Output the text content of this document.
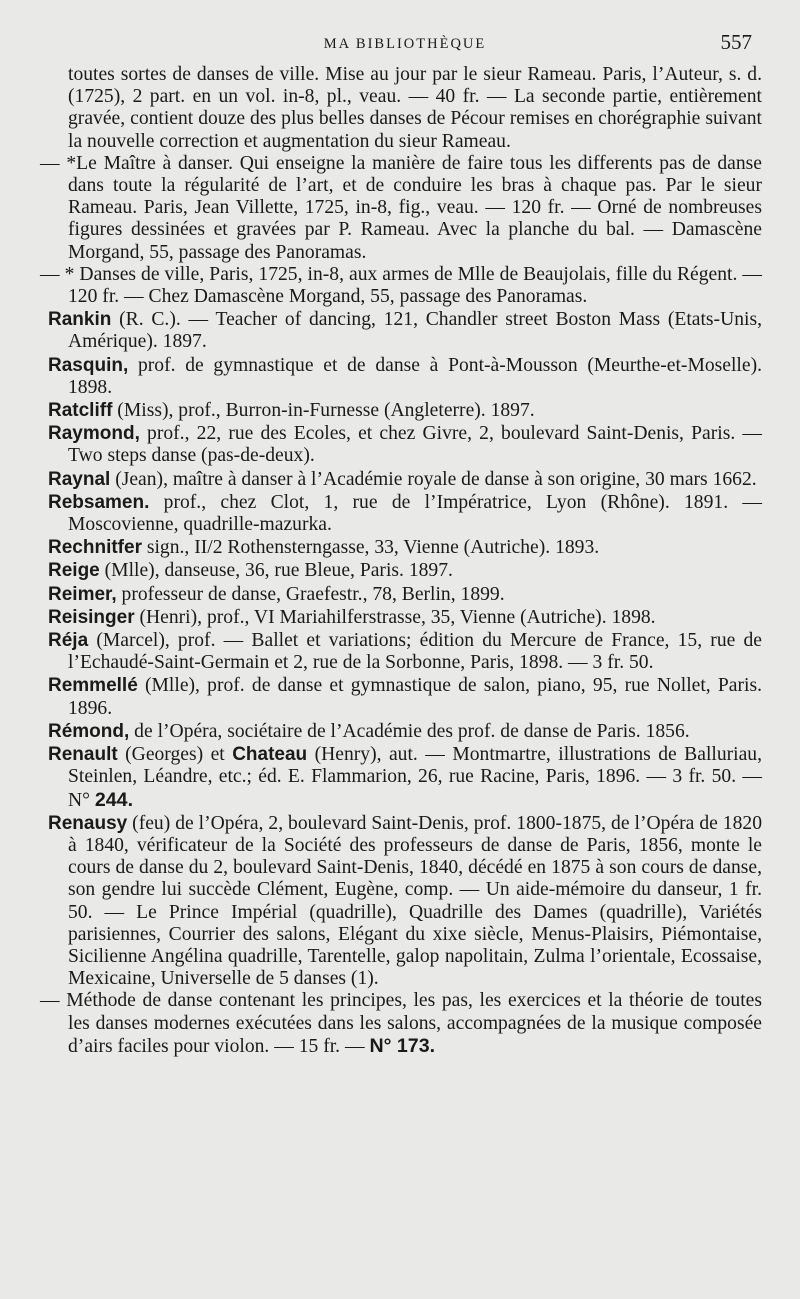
MA BIBLIOTHÈQUE	557

toutes sortes de danses de ville. Mise au jour par le sieur Rameau. Paris, l’Auteur, s. d. (1725), 2 part. en un vol. in-8, pl., veau. — 40 fr. — La seconde partie, entièrement gravée, contient douze des plus belles danses de Pécour remises en chorégraphie suivant la nouvelle correction et augmentation du sieur Rameau.

— *Le Maître à danser. Qui enseigne la manière de faire tous les differents pas de danse dans toute la régularité de l’art, et de conduire les bras à chaque pas. Par le sieur Rameau. Paris, Jean Villette, 1725, in-8, fig., veau. — 120 fr. — Orné de nombreuses figures dessinées et gravées par P. Rameau. Avec la planche du bal. — Damascène Morgand, 55, passage des Panoramas.

— * Danses de ville, Paris, 1725, in-8, aux armes de Mlle de Beaujolais, fille du Régent. — 120 fr. — Chez Damascène Morgand, 55, passage des Panoramas.

Rankin (R. C.). — Teacher of dancing, 121, Chandler street Boston Mass (Etats-Unis, Amérique). 1897.

Rasquin, prof. de gymnastique et de danse à Pont-à-Mousson (Meurthe-et-Moselle). 1898.

Ratcliff (Miss), prof., Burron-in-Furnesse (Angleterre). 1897.

Raymond, prof., 22, rue des Ecoles, et chez Givre, 2, boulevard Saint-Denis, Paris. — Two steps danse (pas-de-deux).

Raynal (Jean), maître à danser à l’Académie royale de danse à son origine, 30 mars 1662.

Rebsamen. prof., chez Clot, 1, rue de l’Impératrice, Lyon (Rhône). 1891. — Moscovienne, quadrille-mazurka.

Rechnitfer sign., II/2 Rothensterngasse, 33, Vienne (Autriche). 1893.

Reige (Mlle), danseuse, 36, rue Bleue, Paris. 1897.

Reimer, professeur de danse, Graefestr., 78, Berlin, 1899.

Reisinger (Henri), prof., VI Mariahilferstrasse, 35, Vienne (Autriche). 1898.

Réja (Marcel), prof. — Ballet et variations; édition du Mercure de France, 15, rue de l’Echaudé-Saint-Germain et 2, rue de la Sorbonne, Paris, 1898. — 3 fr. 50.

Remmellé (Mlle), prof. de danse et gymnastique de salon, piano, 95, rue Nollet, Paris. 1896.

Rémond, de l’Opéra, sociétaire de l’Académie des prof. de danse de Paris. 1856.

Renault (Georges) et Chateau (Henry), aut. — Montmartre, illustrations de Balluriau, Steinlen, Léandre, etc.; éd. E. Flammarion, 26, rue Racine, Paris, 1896. — 3 fr. 50. — N° 244.

Renausy (feu) de l’Opéra, 2, boulevard Saint-Denis, prof. 1800-1875, de l’Opéra de 1820 à 1840, vérificateur de la Société des professeurs de danse de Paris, 1856, monte le cours de danse du 2, boulevard Saint-Denis, 1840, décédé en 1875 à son cours de danse, son gendre lui succède Clément, Eugène, comp. — Un aide-mémoire du danseur, 1 fr. 50. — Le Prince Impérial (quadrille), Quadrille des Dames (quadrille), Variétés parisiennes, Courrier des salons, Elégant du xixe siècle, Menus-Plaisirs, Piémontaise, Sicilienne Angélina quadrille, Tarentelle, galop napolitain, Zulma l’orientale, Ecossaise, Mexicaine, Universelle de 5 danses (1).

— Méthode de danse contenant les principes, les pas, les exercices et la théorie de toutes les danses modernes exécutées dans les salons, accompagnées de la musique composée d’airs faciles pour violon. — 15 fr. — N° 173.
